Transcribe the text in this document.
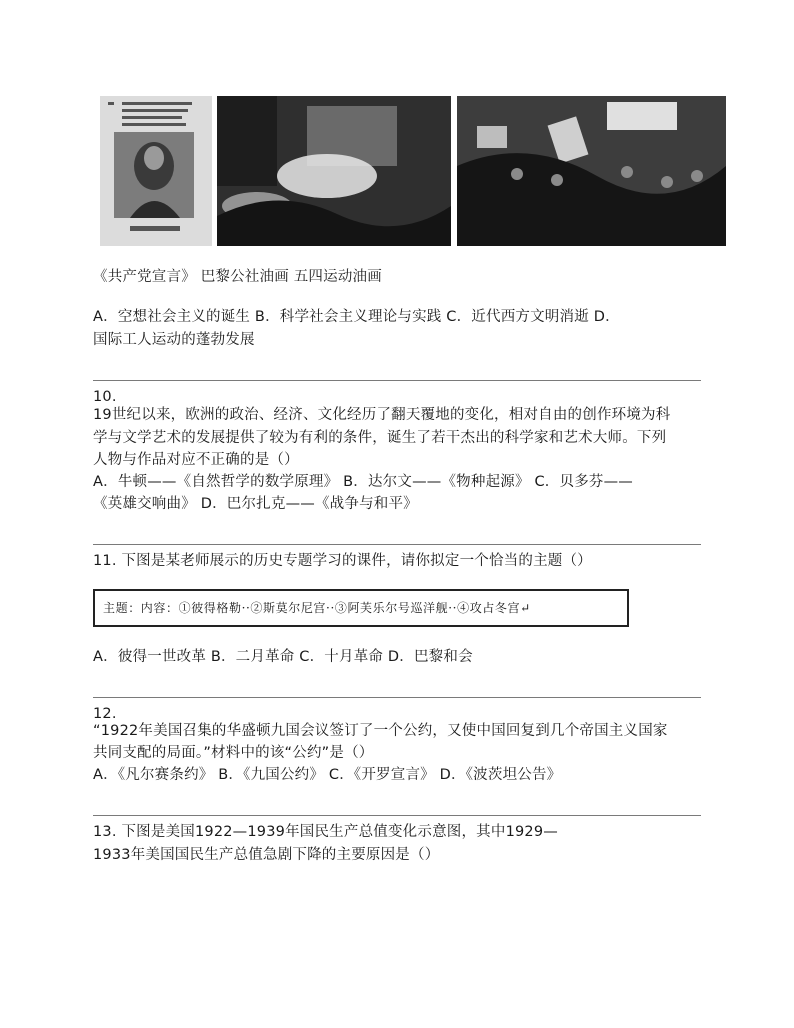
《共产党宣言》 巴黎公社油画 五四运动油画
A．空想社会主义的诞生 B．科学社会主义理论与实践 C．近代西方文明消逝 D．
国际工人运动的蓬勃发展
10.
19世纪以来，欧洲的政治、经济、文化经历了翻天覆地的变化，相对自由的创作环境为科
学与文学艺术的发展提供了较为有利的条件，诞生了若干杰出的科学家和艺术大师。下列
人物与作品对应不正确的是（）
A．牛顿——《自然哲学的数学原理》 B．达尔文——《物种起源》 C．贝多芬——
《英雄交响曲》 D．巴尔扎克——《战争与和平》
11. 下图是某老师展示的历史专题学习的课件，请你拟定一个恰当的主题（）
主题：内容：①彼得格勒··②斯莫尔尼宫··③阿芙乐尔号巡洋舰··④攻占冬宫↵
A．彼得一世改革 B．二月革命 C．十月革命 D．巴黎和会
12.
“1922年美国召集的华盛顿九国会议签订了一个公约，又使中国回复到几个帝国主义国家
共同支配的局面。”材料中的该“公约”是（）
A．《凡尔赛条约》 B．《九国公约》 C．《开罗宣言》 D．《波茨坦公告》
13. 下图是美国1922—1939年国民生产总值变化示意图，其中1929—
1933年美国国民生产总值急剧下降的主要原因是（）
